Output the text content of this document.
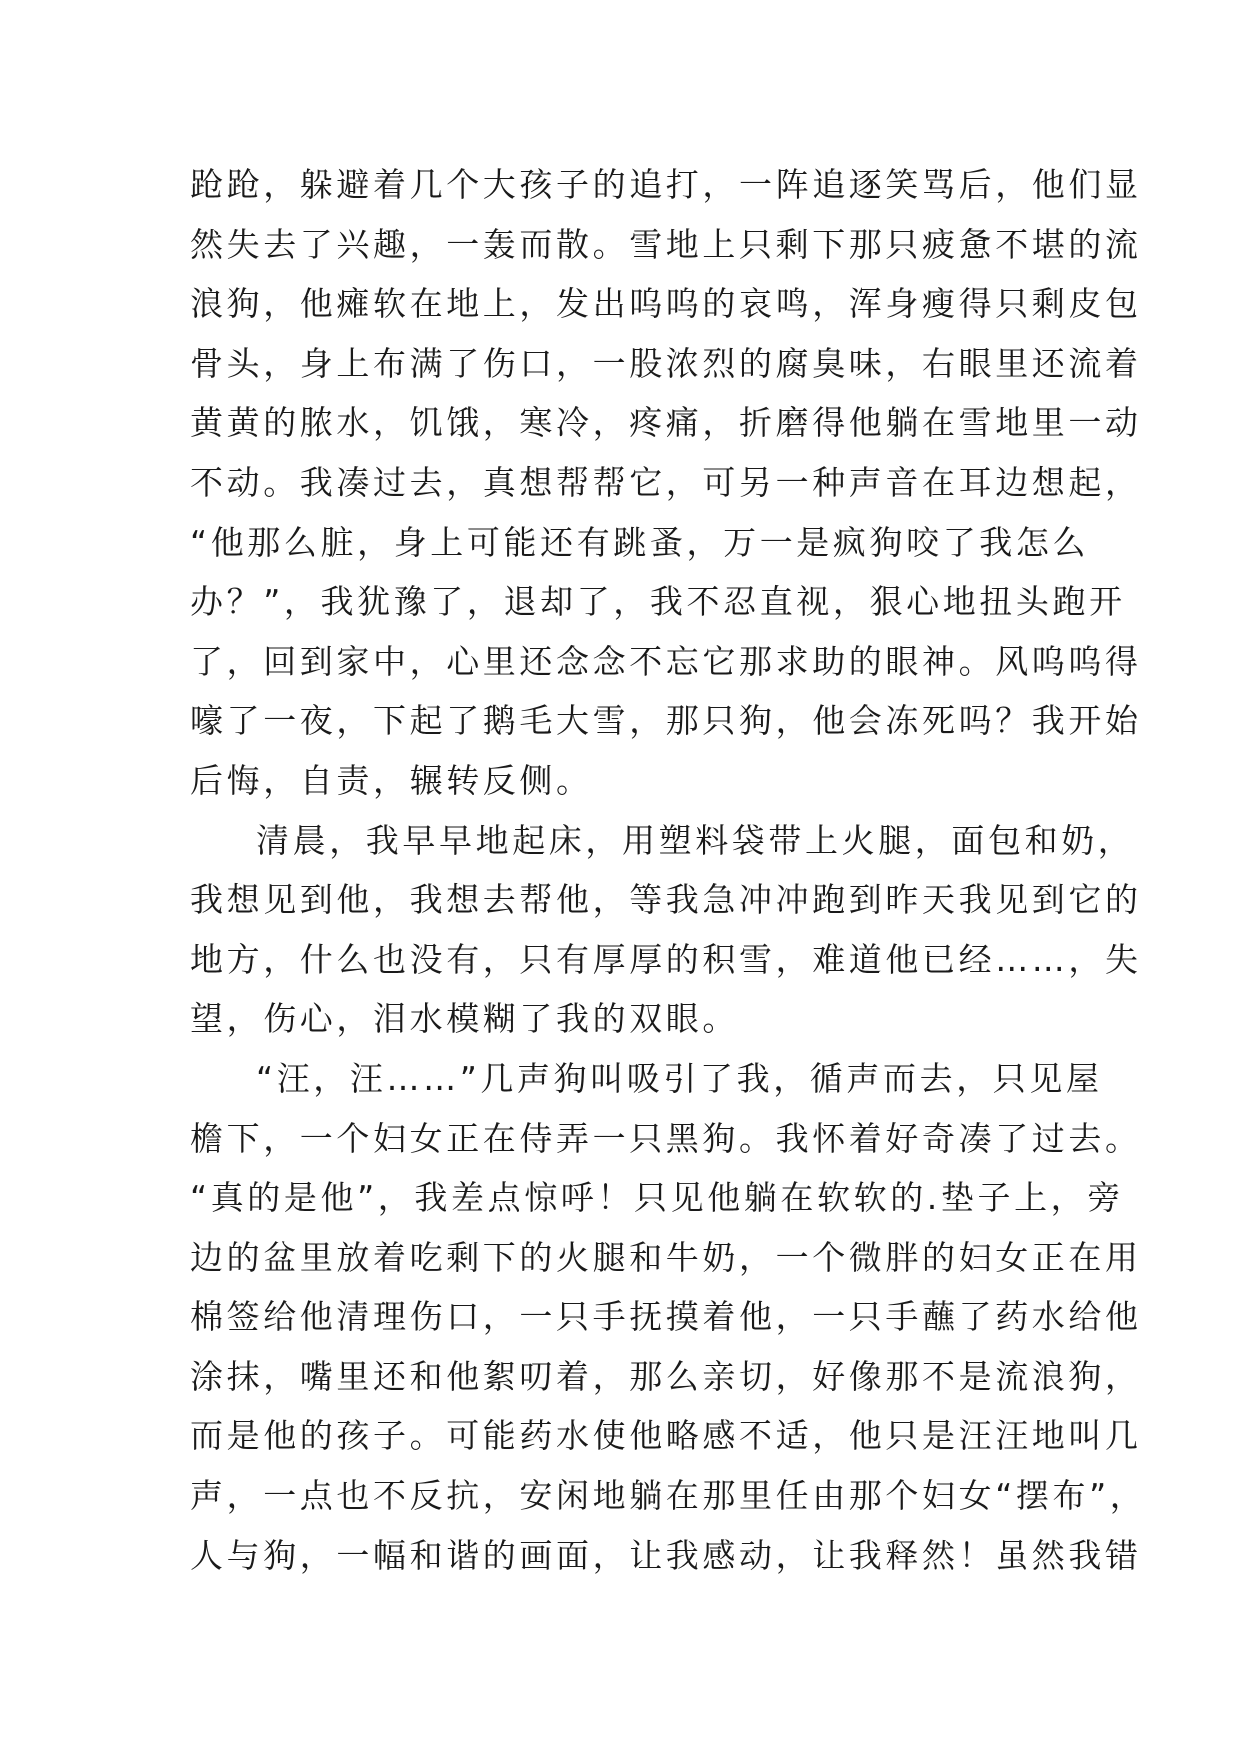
跄跄，躲避着几个大孩子的追打，一阵追逐笑骂后，他们显
然失去了兴趣，一轰而散。雪地上只剩下那只疲惫不堪的流
浪狗，他瘫软在地上，发出呜呜的哀鸣，浑身瘦得只剩皮包
骨头，身上布满了伤口，一股浓烈的腐臭味，右眼里还流着
黄黄的脓水，饥饿，寒冷，疼痛，折磨得他躺在雪地里一动
不动。我凑过去，真想帮帮它，可另一种声音在耳边想起，
“他那么脏，身上可能还有跳蚤，万一是疯狗咬了我怎么
办？”，我犹豫了，退却了，我不忍直视，狠心地扭头跑开
了，回到家中，心里还念念不忘它那求助的眼神。风呜呜得
嚎了一夜，下起了鹅毛大雪，那只狗，他会冻死吗？我开始
后悔，自责，辗转反侧。
清晨，我早早地起床，用塑料袋带上火腿，面包和奶，
我想见到他，我想去帮他，等我急冲冲跑到昨天我见到它的
地方，什么也没有，只有厚厚的积雪，难道他已经……，失
望，伤心，泪水模糊了我的双眼。
“汪，汪……”几声狗叫吸引了我，循声而去，只见屋
檐下，一个妇女正在侍弄一只黑狗。我怀着好奇凑了过去。
“真的是他”，我差点惊呼！只见他躺在软软的.垫子上，旁
边的盆里放着吃剩下的火腿和牛奶，一个微胖的妇女正在用
棉签给他清理伤口，一只手抚摸着他，一只手蘸了药水给他
涂抹，嘴里还和他絮叨着，那么亲切，好像那不是流浪狗，
而是他的孩子。可能药水使他略感不适，他只是汪汪地叫几
声，一点也不反抗，安闲地躺在那里任由那个妇女“摆布”，
人与狗，一幅和谐的画面，让我感动，让我释然！虽然我错
